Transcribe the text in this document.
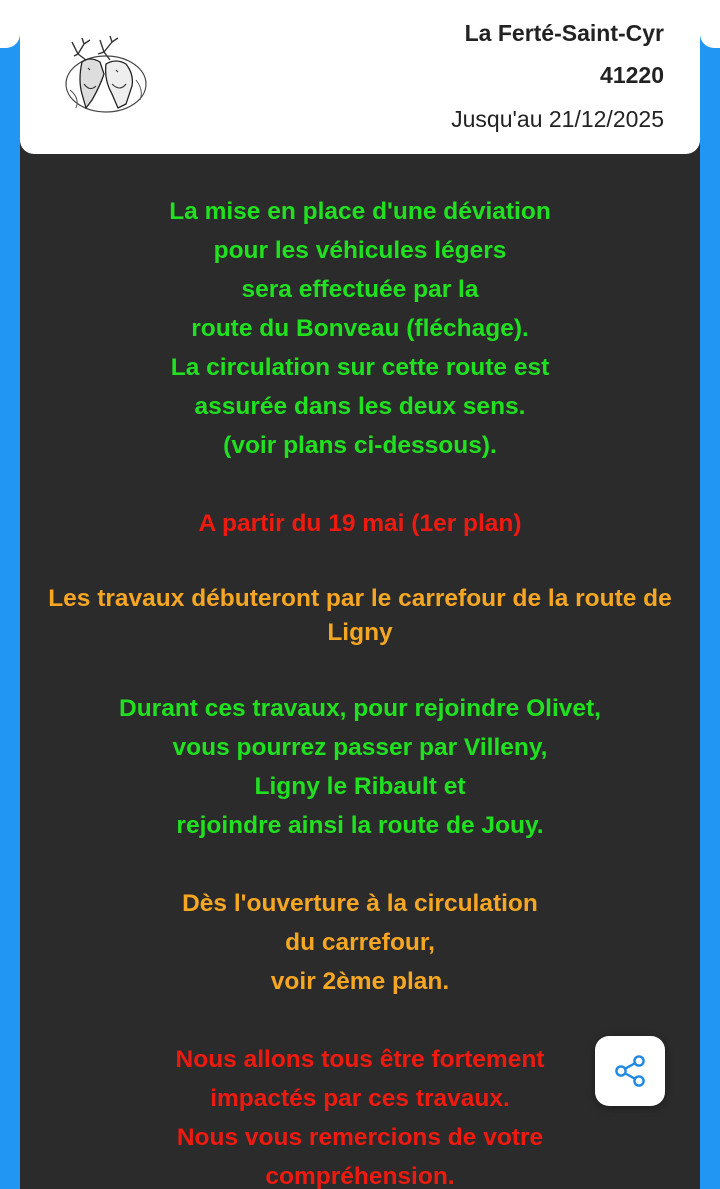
La Ferté-Saint-Cyr
41220
Jusqu'au 21/12/2025

La mise en place d'une déviation
pour les véhicules légers
sera effectuée par la
route du Bonveau (fléchage).
La circulation sur cette route est
assurée dans les deux sens.
(voir plans ci-dessous).

A partir du 19 mai (1er plan)

Les travaux débuteront par le carrefour de la route de Ligny

Durant ces travaux, pour rejoindre Olivet,
vous pourrez passer par Villeny,
Ligny le Ribault et
rejoindre ainsi la route de Jouy.

Dès l'ouverture à la circulation
du carrefour,
voir 2ème plan.

Nous allons tous être fortement
impactés par ces travaux.
Nous vous remercions de votre
compréhension.
